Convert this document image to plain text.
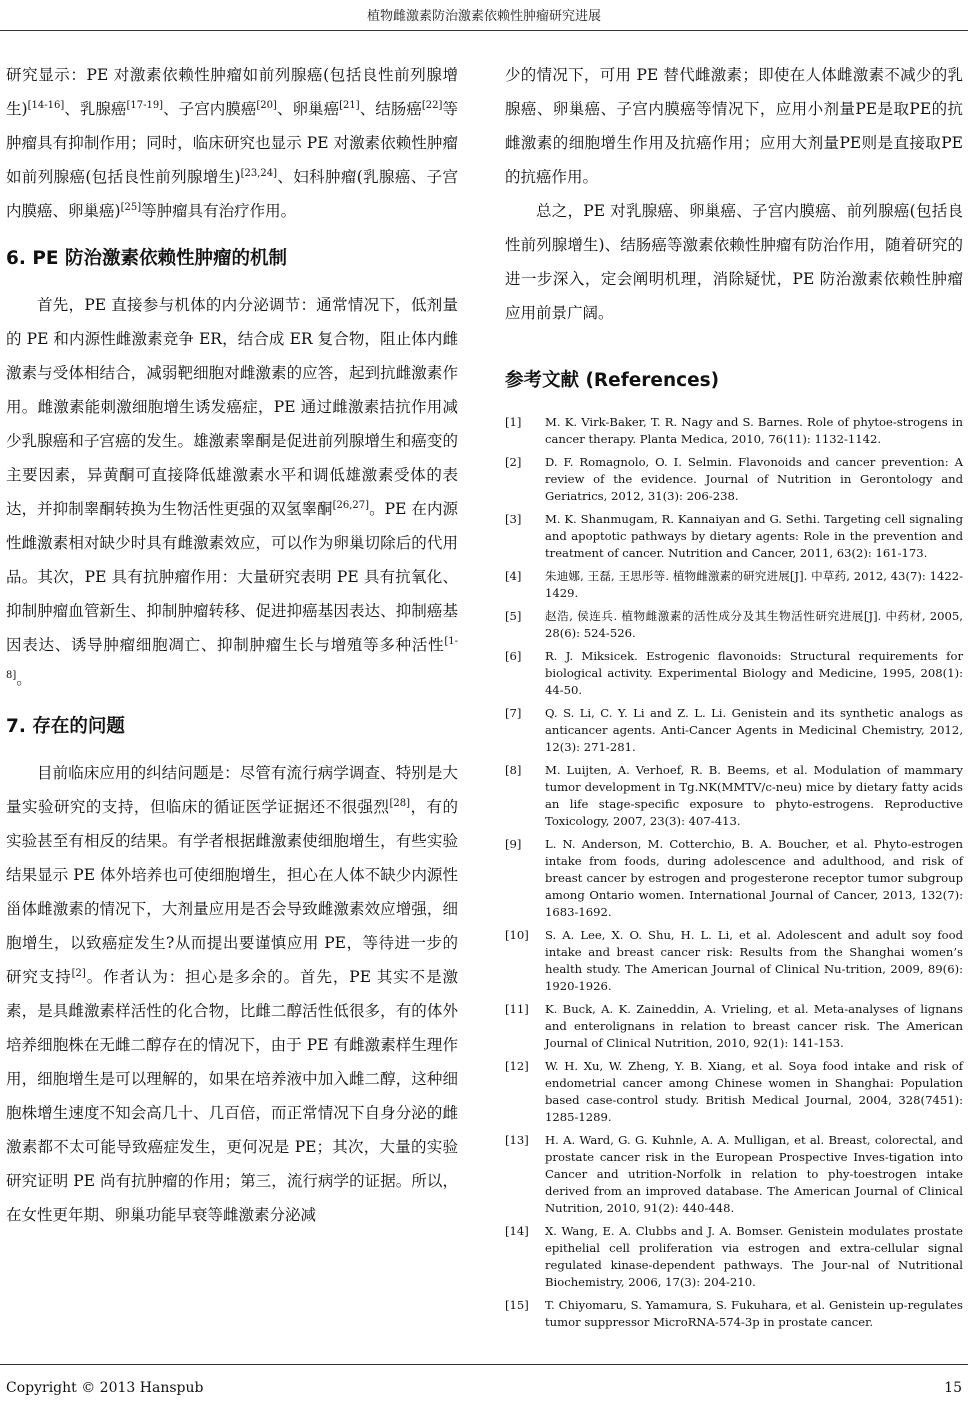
植物雌激素防治激素依赖性肿瘤研究进展

研究显示：PE 对激素依赖性肿瘤如前列腺癌(包括良性前列腺增生)[14-16]、乳腺癌[17-19]、子宫内膜癌[20]、卵巢癌[21]、结肠癌[22]等肿瘤具有抑制作用；同时，临床研究也显示 PE 对激素依赖性肿瘤如前列腺癌(包括良性前列腺增生)[23,24]、妇科肿瘤(乳腺癌、子宫内膜癌、卵巢癌)[25]等肿瘤具有治疗作用。

6. PE 防治激素依赖性肿瘤的机制

首先，PE 直接参与机体的内分泌调节：通常情况下，低剂量的 PE 和内源性雌激素竞争 ER，结合成 ER 复合物，阻止体内雌激素与受体相结合，减弱靶细胞对雌激素的应答，起到抗雌激素作用。雌激素能刺激细胞增生诱发癌症，PE 通过雌激素拮抗作用减少乳腺癌和子宫癌的发生。雄激素睾酮是促进前列腺增生和癌变的主要因素，异黄酮可直接降低雄激素水平和调低雄激素受体的表达，并抑制睾酮转换为生物活性更强的双氢睾酮[26,27]。PE 在内源性雌激素相对缺少时具有雌激素效应，可以作为卵巢切除后的代用品。其次，PE 具有抗肿瘤作用：大量研究表明 PE 具有抗氧化、抑制肿瘤血管新生、抑制肿瘤转移、促进抑癌基因表达、抑制癌基因表达、诱导肿瘤细胞凋亡、抑制肿瘤生长与增殖等多种活性[1-8]。

7. 存在的问题

目前临床应用的纠结问题是：尽管有流行病学调查、特别是大量实验研究的支持，但临床的循证医学证据还不很强烈[28]，有的实验甚至有相反的结果。有学者根据雌激素使细胞增生，有些实验结果显示 PE 体外培养也可使细胞增生，担心在人体不缺少内源性甾体雌激素的情况下，大剂量应用是否会导致雌激素效应增强，细胞增生，以致癌症发生?从而提出要谨慎应用 PE，等待进一步的研究支持[2]。作者认为：担心是多余的。首先，PE 其实不是激素，是具雌激素样活性的化合物，比雌二醇活性低很多，有的体外培养细胞株在无雌二醇存在的情况下，由于 PE 有雌激素样生理作用，细胞增生是可以理解的，如果在培养液中加入雌二醇，这种细胞株增生速度不知会高几十、几百倍，而正常情况下自身分泌的雌激素都不太可能导致癌症发生，更何况是 PE；其次，大量的实验研究证明 PE 尚有抗肿瘤的作用；第三，流行病学的证据。所以，在女性更年期、卵巢功能早衰等雌激素分泌减

少的情况下，可用 PE 替代雌激素；即使在人体雌激素不减少的乳腺癌、卵巢癌、子宫内膜癌等情况下，应用小剂量PE是取PE的抗雌激素的细胞增生作用及抗癌作用；应用大剂量PE则是直接取PE的抗癌作用。

总之，PE 对乳腺癌、卵巢癌、子宫内膜癌、前列腺癌(包括良性前列腺增生)、结肠癌等激素依赖性肿瘤有防治作用，随着研究的进一步深入，定会阐明机理，消除疑忧，PE 防治激素依赖性肿瘤应用前景广阔。

参考文献 (References)
[1]	M. K. Virk-Baker, T. R. Nagy and S. Barnes. Role of phytoe-strogens in cancer therapy. Planta Medica, 2010, 76(11): 1132-1142.
[2]	D. F. Romagnolo, O. I. Selmin. Flavonoids and cancer prevention: A review of the evidence. Journal of Nutrition in Gerontology and Geriatrics, 2012, 31(3): 206-238.
[3]	M. K. Shanmugam, R. Kannaiyan and G. Sethi. Targeting cell signaling and apoptotic pathways by dietary agents: Role in the prevention and treatment of cancer. Nutrition and Cancer, 2011, 63(2): 161-173.
[4]	朱迪娜, 王磊, 王思彤等. 植物雌激素的研究进展[J]. 中草药, 2012, 43(7): 1422-1429.
[5]	赵浩, 侯连兵. 植物雌激素的活性成分及其生物活性研究进展[J]. 中药材, 2005, 28(6): 524-526.
[6]	R. J. Miksicek. Estrogenic flavonoids: Structural requirements for biological activity. Experimental Biology and Medicine, 1995, 208(1): 44-50.
[7]	Q. S. Li, C. Y. Li and Z. L. Li. Genistein and its synthetic analogs as anticancer agents. Anti-Cancer Agents in Medicinal Chemistry, 2012, 12(3): 271-281.
[8]	M. Luijten, A. Verhoef, R. B. Beems, et al. Modulation of mammary tumor development in Tg.NK(MMTV/c-neu) mice by dietary fatty acids an life stage-specific exposure to phyto-estrogens. Reproductive Toxicology, 2007, 23(3): 407-413.
[9]	L. N. Anderson, M. Cotterchio, B. A. Boucher, et al. Phyto-estrogen intake from foods, during adolescence and adulthood, and risk of breast cancer by estrogen and progesterone receptor tumor subgroup among Ontario women. International Journal of Cancer, 2013, 132(7): 1683-1692.
[10]	S. A. Lee, X. O. Shu, H. L. Li, et al. Adolescent and adult soy food intake and breast cancer risk: Results from the Shanghai women’s health study. The American Journal of Clinical Nu-trition, 2009, 89(6): 1920-1926.
[11]	K. Buck, A. K. Zaineddin, A. Vrieling, et al. Meta-analyses of lignans and enterolignans in relation to breast cancer risk. The American Journal of Clinical Nutrition, 2010, 92(1): 141-153.
[12]	W. H. Xu, W. Zheng, Y. B. Xiang, et al. Soya food intake and risk of endometrial cancer among Chinese women in Shanghai: Population based case-control study. British Medical Journal, 2004, 328(7451): 1285-1289.
[13]	H. A. Ward, G. G. Kuhnle, A. A. Mulligan, et al. Breast, colorectal, and prostate cancer risk in the European Prospective Inves-tigation into Cancer and utrition-Norfolk in relation to phy-toestrogen intake derived from an improved database. The American Journal of Clinical Nutrition, 2010, 91(2): 440-448.
[14]	X. Wang, E. A. Clubbs and J. A. Bomser. Genistein modulates prostate epithelial cell proliferation via estrogen and extra-cellular signal regulated kinase-dependent pathways. The Jour-nal of Nutritional Biochemistry, 2006, 17(3): 204-210.
[15]	T. Chiyomaru, S. Yamamura, S. Fukuhara, et al. Genistein up-regulates tumor suppressor MicroRNA-574-3p in prostate cancer.
Copyright © 2013 Hanspub	15
